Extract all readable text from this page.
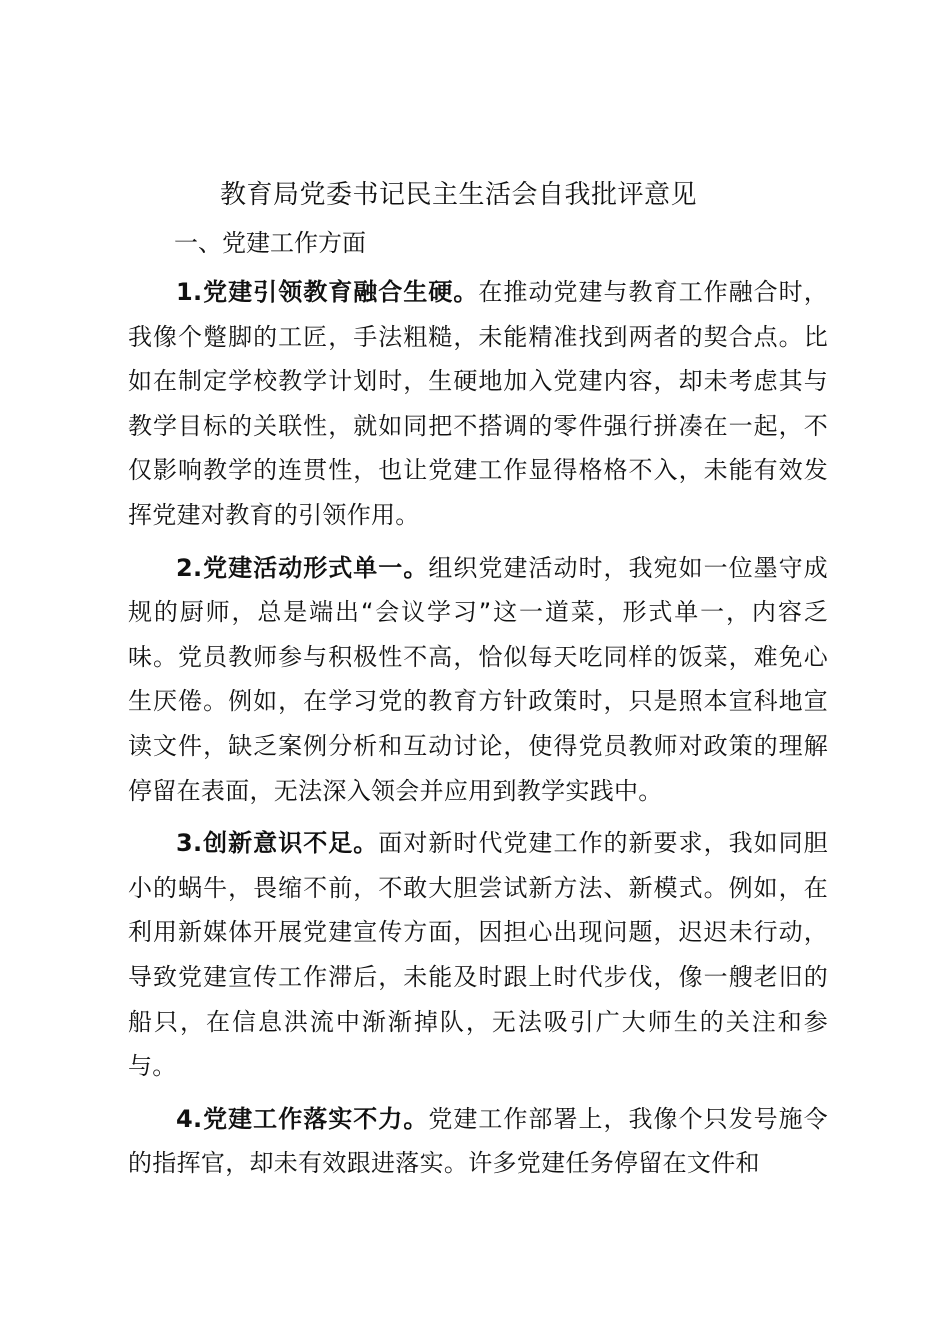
教育局党委书记民主生活会自我批评意见
一、党建工作方面

1.党建引领教育融合生硬。在推动党建与教育工作融合时，我像个蹩脚的工匠，手法粗糙，未能精准找到两者的契合点。比如在制定学校教学计划时，生硬地加入党建内容，却未考虑其与教学目标的关联性，就如同把不搭调的零件强行拼凑在一起，不仅影响教学的连贯性，也让党建工作显得格格不入，未能有效发挥党建对教育的引领作用。

2.党建活动形式单一。组织党建活动时，我宛如一位墨守成规的厨师，总是端出“会议学习”这一道菜，形式单一，内容乏味。党员教师参与积极性不高，恰似每天吃同样的饭菜，难免心生厌倦。例如，在学习党的教育方针政策时，只是照本宣科地宣读文件，缺乏案例分析和互动讨论，使得党员教师对政策的理解停留在表面，无法深入领会并应用到教学实践中。

3.创新意识不足。面对新时代党建工作的新要求，我如同胆小的蜗牛，畏缩不前，不敢大胆尝试新方法、新模式。例如，在利用新媒体开展党建宣传方面，因担心出现问题，迟迟未行动，导致党建宣传工作滞后，未能及时跟上时代步伐，像一艘老旧的船只，在信息洪流中渐渐掉队，无法吸引广大师生的关注和参与。

4.党建工作落实不力。党建工作部署上，我像个只发号施令的指挥官，却未有效跟进落实。许多党建任务停留在文件和
